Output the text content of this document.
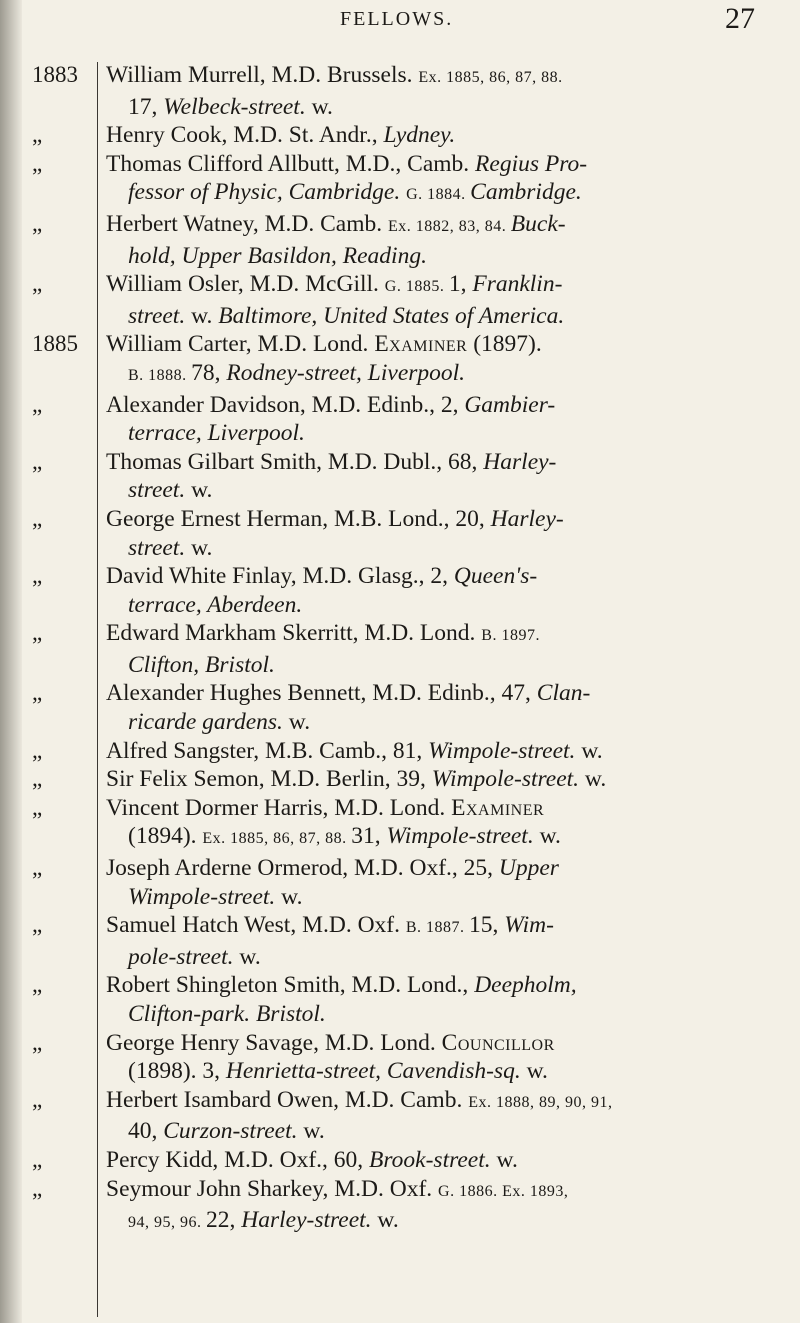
FELLOWS.	27
1883 William Murrell, M.D. Brussels. Ex. 1885, 86, 87, 88.
17, Welbeck-street. w.
„	Henry Cook, M.D. St. Andr., Lydney.
„	Thomas Clifford Allbutt, M.D., Camb. Regius Pro-
fessor of Physic, Cambridge. G. 1884. Cambridge.
„	Herbert Watney, M.D. Camb. Ex. 1882, 83, 84. Buck-
hold, Upper Basildon, Reading.
„	William Osler, M.D. McGill. G. 1885. 1, Franklin-
street. w. Baltimore, United States of America.
1885 William Carter, M.D. Lond. Examiner (1897).
B. 1888. 78, Rodney-street, Liverpool.
„	Alexander Davidson, M.D. Edinb., 2, Gambier-
terrace, Liverpool.
„	Thomas Gilbart Smith, M.D. Dubl., 68, Harley-
street. w.
„	George Ernest Herman, M.B. Lond., 20, Harley-
street. w.
„	David White Finlay, M.D. Glasg., 2, Queen's-
terrace, Aberdeen.
„	Edward Markham Skerritt, M.D. Lond. B. 1897.
Clifton, Bristol.
„	Alexander Hughes Bennett, M.D. Edinb., 47, Clan-
ricarde gardens. w.
„	Alfred Sangster, M.B. Camb., 81, Wimpole-street. w.
„	Sir Felix Semon, M.D. Berlin, 39, Wimpole-street. w.
„	Vincent Dormer Harris, M.D. Lond. Examiner
(1894). Ex. 1885, 86, 87, 88. 31, Wimpole-street. w.
„	Joseph Arderne Ormerod, M.D. Oxf., 25, Upper
Wimpole-street. w.
„	Samuel Hatch West, M.D. Oxf. B. 1887. 15, Wim-
pole-street. w.
„	Robert Shingleton Smith, M.D. Lond., Deepholm,
Clifton-park. Bristol.
„	George Henry Savage, M.D. Lond. Councillor
(1898). 3, Henrietta-street, Cavendish-sq. w.
„	Herbert Isambard Owen, M.D. Camb. Ex. 1888, 89, 90, 91,
40, Curzon-street. w.
„	Percy Kidd, M.D. Oxf., 60, Brook-street. w.
„	Seymour John Sharkey, M.D. Oxf. G. 1886. Ex. 1893,
94, 95, 96. 22, Harley-street. w.
